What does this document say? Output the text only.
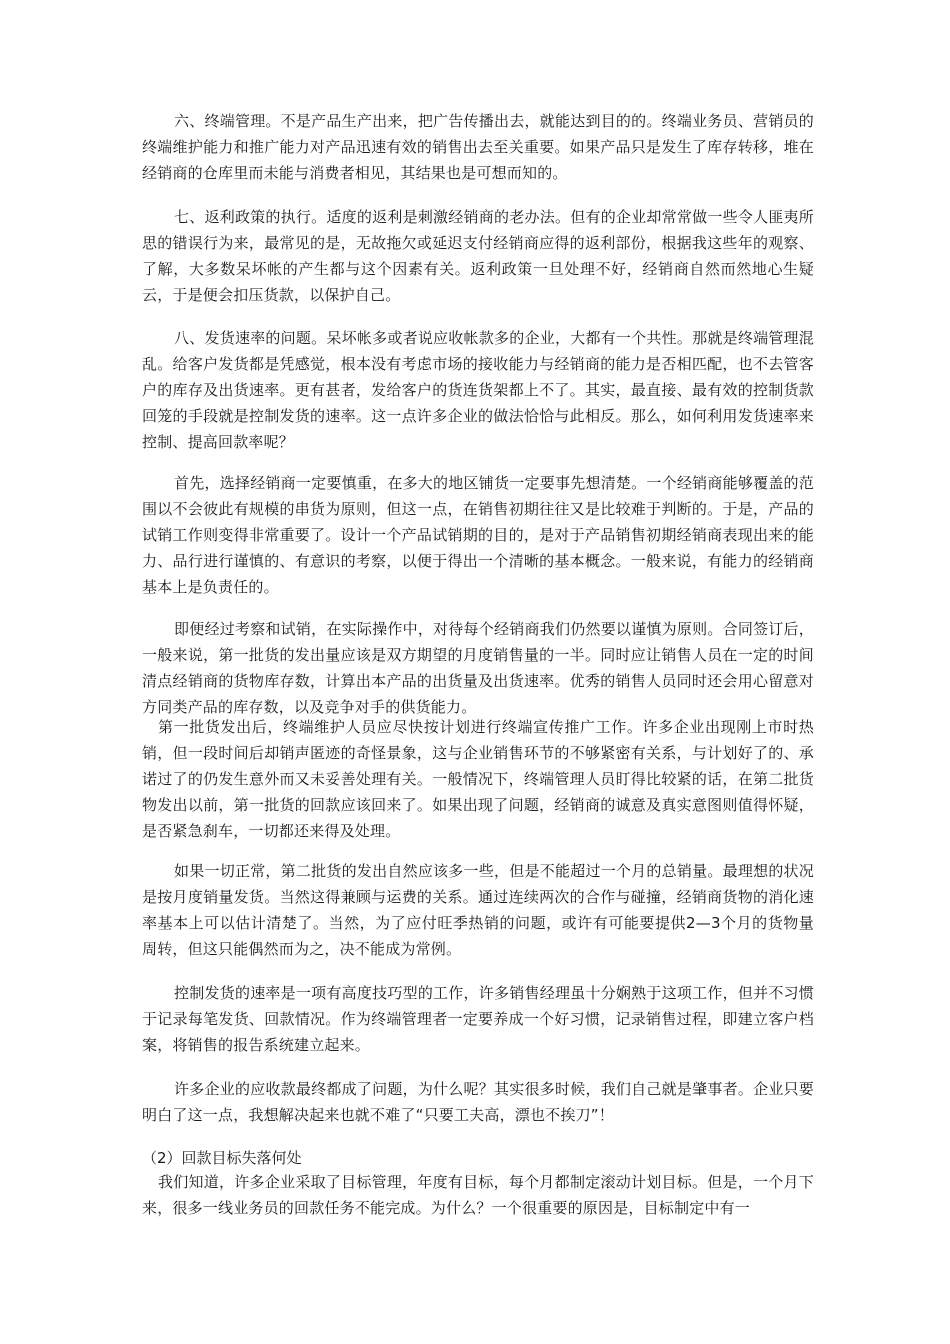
六、终端管理。不是产品生产出来，把广告传播出去，就能达到目的的。终端业务员、营销员的终端维护能力和推广能力对产品迅速有效的销售出去至关重要。如果产品只是发生了库存转移，堆在经销商的仓库里而未能与消费者相见，其结果也是可想而知的。

七、返利政策的执行。适度的返利是刺激经销商的老办法。但有的企业却常常做一些令人匪夷所思的错误行为来，最常见的是，无故拖欠或延迟支付经销商应得的返利部份，根据我这些年的观察、了解，大多数呆坏帐的产生都与这个因素有关。返利政策一旦处理不好，经销商自然而然地心生疑云，于是便会扣压货款，以保护自己。

八、发货速率的问题。呆坏帐多或者说应收帐款多的企业，大都有一个共性。那就是终端管理混乱。给客户发货都是凭感觉，根本没有考虑市场的接收能力与经销商的能力是否相匹配，也不去管客户的库存及出货速率。更有甚者，发给客户的货连货架都上不了。其实，最直接、最有效的控制货款回笼的手段就是控制发货的速率。这一点许多企业的做法恰恰与此相反。那么，如何利用发货速率来控制、提高回款率呢？

首先，选择经销商一定要慎重，在多大的地区铺货一定要事先想清楚。一个经销商能够覆盖的范围以不会彼此有规模的串货为原则，但这一点，在销售初期往往又是比较难于判断的。于是，产品的试销工作则变得非常重要了。设计一个产品试销期的目的，是对于产品销售初期经销商表现出来的能力、品行进行谨慎的、有意识的考察，以便于得出一个清晰的基本概念。一般来说，有能力的经销商基本上是负责任的。

即便经过考察和试销，在实际操作中，对待每个经销商我们仍然要以谨慎为原则。合同签订后，一般来说，第一批货的发出量应该是双方期望的月度销售量的一半。同时应让销售人员在一定的时间清点经销商的货物库存数，计算出本产品的出货量及出货速率。优秀的销售人员同时还会用心留意对方同类产品的库存数，以及竞争对手的供货能力。

第一批货发出后，终端维护人员应尽快按计划进行终端宣传推广工作。许多企业出现刚上市时热销，但一段时间后却销声匿迹的奇怪景象，这与企业销售环节的不够紧密有关系，与计划好了的、承诺过了的仍发生意外而又未妥善处理有关。一般情况下，终端管理人员盯得比较紧的话，在第二批货物发出以前，第一批货的回款应该回来了。如果出现了问题，经销商的诚意及真实意图则值得怀疑，是否紧急刹车，一切都还来得及处理。

如果一切正常，第二批货的发出自然应该多一些，但是不能超过一个月的总销量。最理想的状况是按月度销量发货。当然这得兼顾与运费的关系。通过连续两次的合作与碰撞，经销商货物的消化速率基本上可以估计清楚了。当然，为了应付旺季热销的问题，或许有可能要提供2—3个月的货物量周转，但这只能偶然而为之，决不能成为常例。

控制发货的速率是一项有高度技巧型的工作，许多销售经理虽十分娴熟于这项工作，但并不习惯于记录每笔发货、回款情况。作为终端管理者一定要养成一个好习惯，记录销售过程，即建立客户档案，将销售的报告系统建立起来。

许多企业的应收款最终都成了问题，为什么呢？其实很多时候，我们自己就是肇事者。企业只要明白了这一点，我想解决起来也就不难了“只要工夫高，漂也不挨刀”！

（2）回款目标失落何处

我们知道，许多企业采取了目标管理，年度有目标，每个月都制定滚动计划目标。但是，一个月下来，很多一线业务员的回款任务不能完成。为什么？一个很重要的原因是，目标制定中有一
